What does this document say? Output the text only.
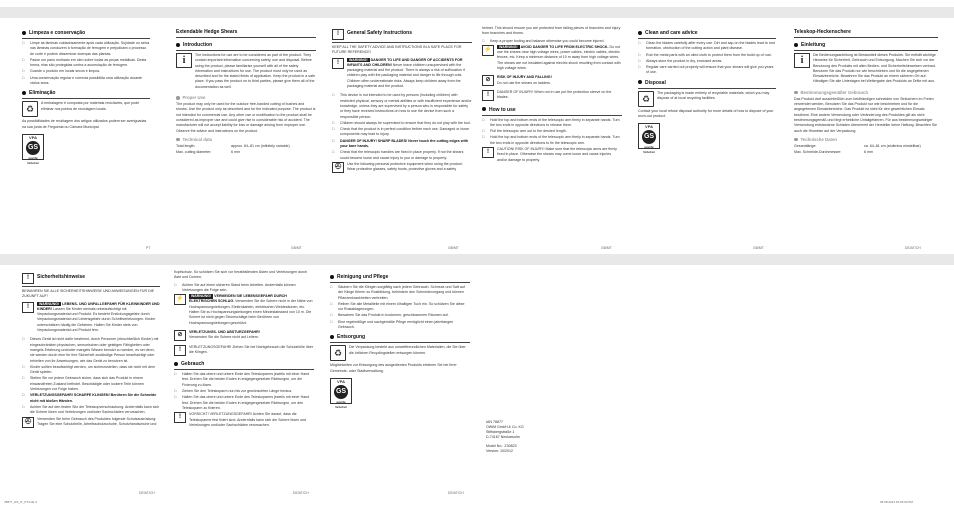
Limpeza e conservação
□ Limpe as lâminas cuidadosamente após cada utilização. Sujidade ou seiva nas lâminas conduzem à formação de ferrugem e prejudicam o processo de corte e podem disseminar doenças das plantas.
□ Passe um pano molhado em óleo sobre todas as peças metálicas. Desta forma, elas são protegidas contra a acumulação de ferrugem.
□ Guarde o produto em locais secos e limpos.
□ Uma conservação regular e correcta possibilita uma utilização durante vários anos.
Eliminação
♻

A embalagem é composta por materiais recicláveis, que pode eliminar nos pontos de reciclagem locais.

As possibilidades de reciclagem dos artigos utilizados podem ser averiguadas na sua junta de Freguesia ou Câmara Municipal.

VPA
GS
geprüfte Sicherheit
PT
Extendable Hedge Shears
Introduction
i	The instructions for use are to be considered as part of the product. They contain important information concerning safety, use and disposal. Before using the product, please familiarise yourself with all of the safety information and instructions for use. The product must only be used as described and for the stated fields of application. Keep the product in a safe place. If you pass the product on to third parties, please give them all of the documentation as well.

Proper Use

The product may only be used for the outdoor free-handed cutting of bushes and shrubs. Use the product only as described and for the indicated purpose. The product is not intended for commercial use. Any other use or modification to the product shall be considered as improper use and could give rise to considerable risk of accident. The manufacturer will not accept liability for loss or damage arising from improper use. Observe the advice and instructions on the product.

Technical data
Total length:	approx. 64–81 cm (infinitely variable)
Max. cutting diameter:	6 mm
GB/MT
!	General Safety Instructions

KEEP ALL THE SAFETY ADVICE AND INSTRUCTIONS IN A SAFE PLACE FOR FUTURE REFERENCE!

!	WARNING! DANGER TO LIFE AND DANGER OF ACCIDENTS FOR INFANTS AND CHILDREN! Never leave children unsupervised with the packaging material and the product. There is always a risk of suffocation if children play with the packaging material and danger to life through cuts. Children often underestimate risks. Always keep children away from the packaging material and the product.

□ This device is not intended to be used by persons (including children) with restricted physical, sensory or mental abilities or with insufficient experience and/or knowledge, unless they are supervised by a person who is responsible for safety or they have received instructions on how to use the device from such a responsible person.
□ Children should always be supervised to ensure that they do not play with the tool.
□ Check that the product is in perfect condition before each use. Damaged or loose components may lead to injury.
□ DANGER OF INJURY! SHARP BLADES! Never touch the cutting edges with your bare hands.
□ Check that the telescopic handles are fixed in place properly. If not the shears could become loose and cause injury to you or damage to property.
⛑	Use the following personal protective equipment when using the product: Wear protective glasses, safety boots, protective gloves and a safety

GB/MT

helmet. This should ensure you are protected from falling pieces of branches and injury from branches and thorns.

□ Keep a proper footing and balance otherwise you could become injured.
⚡	WARNING! AVOID DANGER TO LIFE FROM ELECTRIC SHOCK. Do not use the shears near high voltage wires, power cables, electric cables, electric fences, etc. Keep a minimum distance of 10 m away from high voltage wires. The shears are not insulated against electric shock resulting from contact with high voltage wires.

⊘	RISK OF INJURY AND FALLING!
Do not use the shears on ladders.

!	DANGER OF INJURY! When not in use put the protection sleeve on the blades.

How to use
□ Hold the top and bottom ends of the telescopic arm firmly in separate hands. Turn the two ends in opposite directions to release them.
□ Pull the telescopic arm out to the desired length.
□ Hold the top and bottom ends of the telescopic arm firmly in separate hands. Turn the two ends in opposite directions to fix the telescopic arm.
!	CAUTION! RISK OF INJURY! Make sure that the telescopic arms are firmly fixed in place. Otherwise the shears may come loose and cause injuries and/or damage to property.

GB/MT
Clean and care advice
□ Clean the blades carefully after every use. Dirt and sap on the blades lead to rust formation, obstruction of the cutting action and plant disease.
□ Rub the metal parts with an oiled cloth to protect them from the build up of rust.
□ Always store the product in dry, enclosed areas.
□ Regular care carried out properly will ensure that your shears will give you years of use.
Disposal
♻

The packaging is made entirely of recyclable materials, which you may dispose of at local recycling facilities.

Contact your local refuse disposal authority for more details of how to dispose of your worn-out product.

VPA
GS
geprüfte Sicherheit
GB/MT
Teleskop-Heckenschere
Einleitung
i	Die Bedienungsanleitung ist Bestandteil dieses Produkts. Sie enthält wichtige Hinweise für Sicherheit, Gebrauch und Entsorgung. Machen Sie sich vor der Benutzung des Produkts mit allen Bedien- und Sicherheitshinweisen vertraut. Benutzen Sie das Produkt nur wie beschrieben und für die angegebenen Einsatzbereiche. Bewahren Sie das Produkt an einem sicheren Ort auf. Händigen Sie alle Unterlagen bei Weitergabe des Produkts an Dritte mit aus.

Bestimmungsgemäßer Gebrauch

Das Produkt darf ausschließlich zum beidhändigen schneiden von Sträuchern im Freien verwendet werden. Benutzen Sie das Produkt nur wie beschrieben und für die angegebenen Einsatzbereiche. Das Produkt ist nicht für den gewerblichen Einsatz bestimmt. Eine andere Verwendung oder Veränderung des Produktes gilt als nicht bestimmungsgemäß und birgt erhebliche Unfallgefahren. Für aus bestimmungswidriger Verwendung entstandene Schäden übernimmt der Hersteller keine Haftung. Beachten Sie auch die Hinweise auf der Verpackung.

Technische Daten
Gesamtlänge:	ca. 64–81 cm (stufenlos einstellbar)
Max. Schneide-Durchmesser:	6 mm
DE/AT/CH
!	Sicherheitshinweise

BEWAHREN SIE ALLE SICHERHEITSHINWEISE UND ANWEISUNGEN FÜR DIE ZUKUNFT AUF!

!	WARNUNG! LEBENS- UND UNFALLGEFAHR FÜR KLEINKINDER UND KINDER! Lassen Sie Kinder niemals unbeaufsichtigt mit Verpackungsmaterial und Produkt. Es besteht Erstickungsgefahr durch Verpackungsmaterial und Lebensgefahr durch Schnittverletzungen. Kinder unterschätzen häufig die Gefahren. Halten Sie Kinder stets von Verpackungsmaterial und Produkt fern.

□ Dieses Gerät ist nicht dafür bestimmt, durch Personen (einschließlich Kinder) mit eingeschränkten physischen, sensorischen oder geistigen Fähigkeiten oder mangels Erfahrung und/oder mangels Wissen benutzt zu werden, es sei denn, sie werden durch eine für ihre Sicherheit zuständige Person beaufsichtigt oder erhielten von ihr Anweisungen, wie das Gerät zu benutzen ist.
□ Kinder sollten beaufsichtigt werden, um sicherzustellen, dass sie nicht mit dem Gerät spielen.
□ Stellen Sie vor jedem Gebrauch sicher, dass sich das Produkt in einem einwandfreien Zustand befindet. Beschädigte oder lockere Teile können Verletzungen zur Folge haben.
□ VERLETZUNGSGEFAHR! SCHARFE KLINGEN! Berühren Sie die Schneide nicht mit bloßen Händen.
□ Achten Sie auf den festen Sitz der Teleskopverschraubung. Andernfalls kann sich die Schere lösen und Verletzungen und/oder Sachschäden verursachen.
⛑	Verwenden Sie beim Gebrauch des Produktes folgende Schutzausrüstung: Tragen Sie eine Schutzbrille, Arbeitsschutzschuhe, Schutzhandschuhe und

DE/AT/CH

Kopfschutz. So schützen Sie sich vor herabfallenden Ästen und Verletzungen durch Äste und Dornen.

□ Achten Sie auf einen sicheren Stand beim Arbeiten. Andernfalls können Verletzungen die Folge sein.
⚡	WARNUNG! VERMEIDEN SIE LEBENSGEFAHR DURCH ELEKTRISCHEN SCHLAG. Verwenden Sie die Schere nicht in der Nähe von Hochspannungsleitungen, Elektrokabeln, elektrischen Weidezäunen, etc. Halten Sie zu Hochspannungsleitungen einen Mindestabstand von 10 m. Die Schere ist nicht gegen Stromschläge beim Berühren von Hochspannungsleitungen geschützt.

⊘	VERLETZUNGS- UND ABSTURZGEFAHR!
Verwenden Sie die Schere nicht auf Leitern.

!	VERLETZUNGSGEFAHR! Ziehen Sie bei Nichtgebrauch die Schutzhülle über die Klingen.

Gebrauch
□ Halten Sie das obere und untere Ende des Teleskoparms jeweils mit einer Hand fest. Drehen Sie die beiden Enden in entgegengesetzte Richtungen, um die Fixierung zu lösen.
□ Ziehen Sie den Teleskoparm nun bis zur gewünschten Länge heraus.
□ Halten Sie das obere und untere Ende des Teleskoparms jeweils mit einer Hand fest. Drehen Sie die beiden Enden in entgegengesetzte Richtungen, um den Teleskoparm zu fixieren.
!	VORSICHT! VERLETZUNGSGEFAHR! Achten Sie darauf, dass die Teleskoparme fest fixiert sind. Andernfalls kann sich die Schere lösen und Verletzungen und/oder Sachschäden verursachen.

DE/AT/CH
Reinigung und Pflege
□ Säubern Sie die Klingen sorgfältig nach jedem Gebrauch. Schmutz und Saft auf der Klinge führen zu Rostbildung, behindern den Schneidevorgang und können Pflanzenkrankheiten verbreiten.
□ Reiben Sie alle Metallteile mit einem ölhaltigen Tuch ein. So schützen Sie diese vor Rostablagerungen.
□ Bewahren Sie das Produkt in trockenen, geschlossenen Räumen auf.
□ Eine regelmäßige und sachgemäße Pflege ermöglicht einen jahrelangen Gebrauch.
Entsorgung
♻

Die Verpackung besteht aus umweltfreundlichen Materialien, die Sie über die örtlichen Recyclingstellen entsorgen können.

Möglichkeiten zur Entsorgung des ausgedienten Produkts erfahren Sie bei Ihrer Gemeinde- oder Stadtverwaltung.

VPA
GS
geprüfte Sicherheit
IAN 78877
OWIM GmbH & Co. KG
Stiftsbergstraße 1
D-74167 Neckarsulm
Model No.: Z30823
Version: 10/2012
DE/AT/CH
78877_GS_IT_PT.indd 4	05.08.2013 15:18:02 PM
